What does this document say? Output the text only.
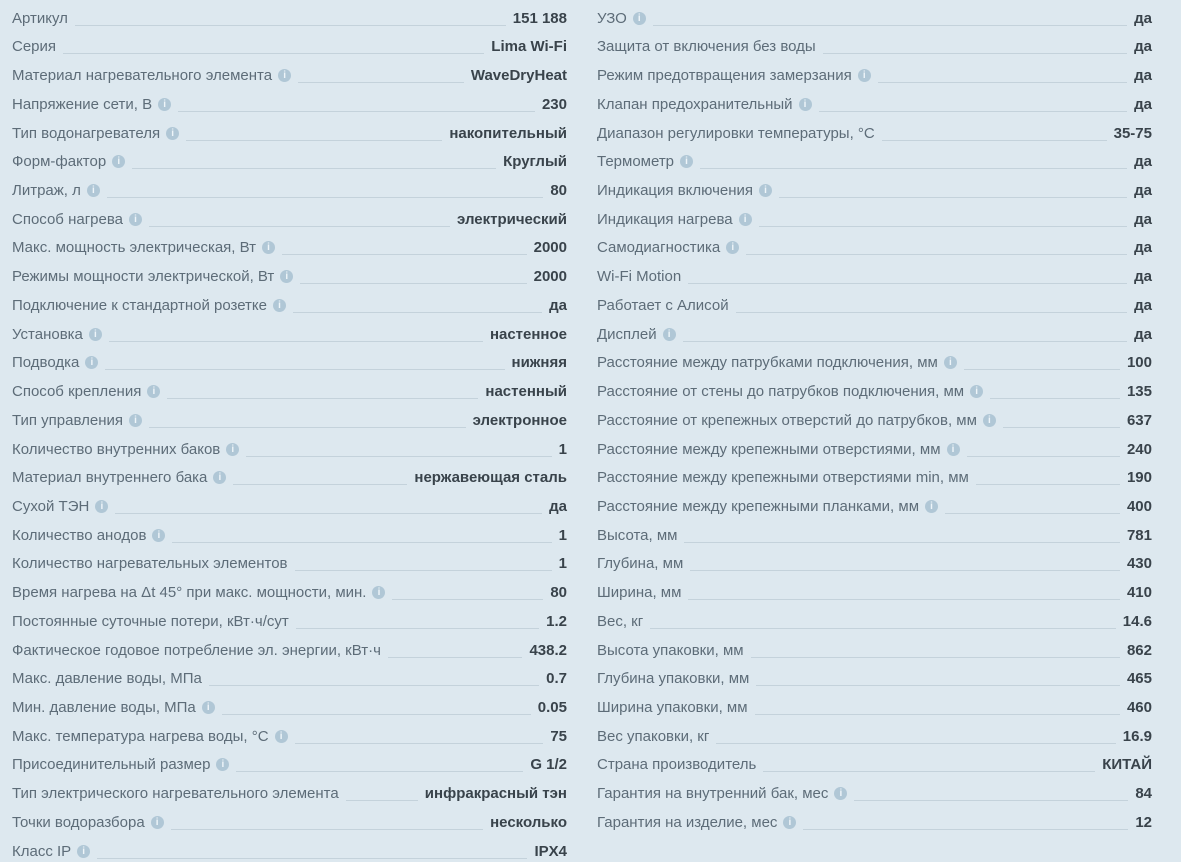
Артикул	151 188
Серия	Lima Wi-Fi
Материал нагревательного элемента	i	WaveDryHeat
Напряжение сети, В	i	230
Тип водонагревателя	i	накопительный
Форм-фактор	i	Круглый
Литраж, л	i	80
Способ нагрева	i	электрический
Макс. мощность электрическая, Вт	i	2000
Режимы мощности электрической, Вт	i	2000
Подключение к стандартной розетке	i	да
Установка	i	настенное
Подводка	i	нижняя
Способ крепления	i	настенный
Тип управления	i	электронное
Количество внутренних баков	i	1
Материал внутреннего бака	i	нержавеющая сталь
Сухой ТЭН	i	да
Количество анодов	i	1
Количество нагревательных элементов	1
Время нагрева на Δt 45° при макс. мощности, мин.	i	80
Постоянные суточные потери, кВт·ч/сут	1.2
Фактическое годовое потребление эл. энергии, кВт·ч	438.2
Макс. давление воды, МПа	0.7
Мин. давление воды, МПа	i	0.05
Макс. температура нагрева воды, °С	i	75
Присоединительный размер	i	G 1/2
Тип электрического нагревательного элемента	инфракрасный тэн
Точки водоразбора	i	несколько
Класс IP	i	IPX4
УЗО	i	да
Защита от включения без воды	да
Режим предотвращения замерзания	i	да
Клапан предохранительный	i	да
Диапазон регулировки температуры, °С	35-75
Термометр	i	да
Индикация включения	i	да
Индикация нагрева	i	да
Самодиагностика	i	да
Wi-Fi Motion	да
Работает с Алисой	да
Дисплей	i	да
Расстояние между патрубками подключения, мм	i	100
Расстояние от стены до патрубков подключения, мм	i	135
Расстояние от крепежных отверстий до патрубков, мм	i	637
Расстояние между крепежными отверстиями, мм	i	240
Расстояние между крепежными отверстиями min, мм	190
Расстояние между крепежными планками, мм	i	400
Высота, мм	781
Глубина, мм	430
Ширина, мм	410
Вес, кг	14.6
Высота упаковки, мм	862
Глубина упаковки, мм	465
Ширина упаковки, мм	460
Вес упаковки, кг	16.9
Страна производитель	КИТАЙ
Гарантия на внутренний бак, мес	i	84
Гарантия на изделие, мес	i	12
